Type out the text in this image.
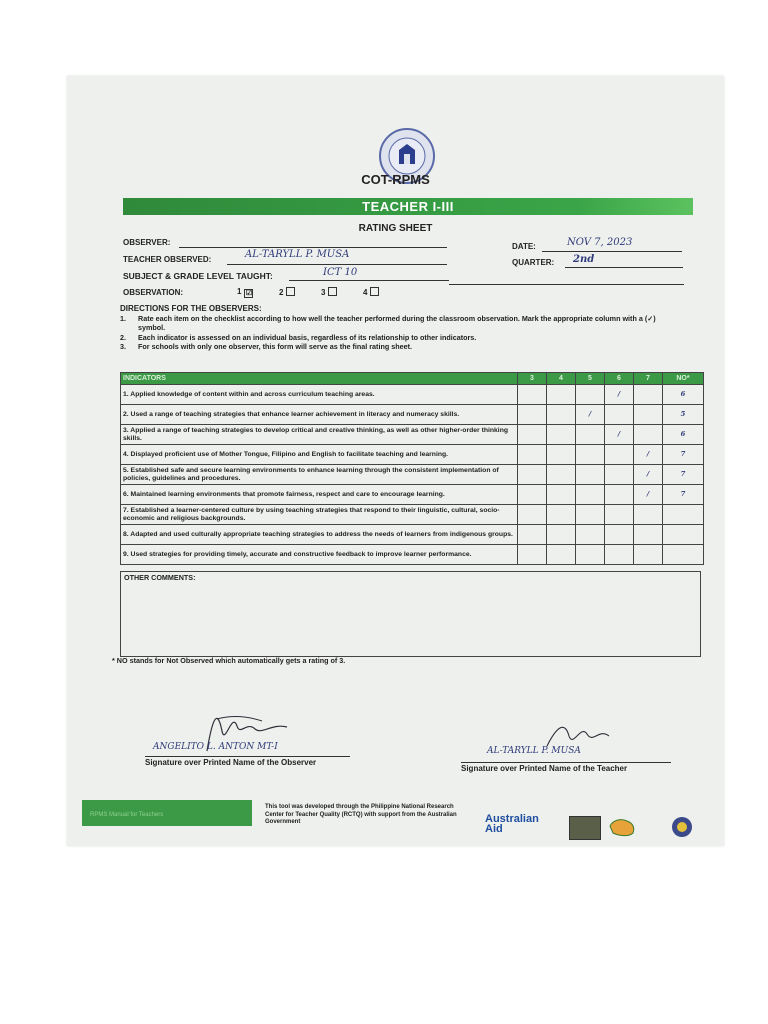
COT-RPMS
TEACHER I-III
RATING SHEET
OBSERVER:
TEACHER OBSERVED:	AL-TARYLL P. MUSA
SUBJECT & GRADE LEVEL TAUGHT:	ICT 10
DATE:	NOV 7, 2023
QUARTER: 2nd
OBSERVATION:	1 ☑	2	3	4
DIRECTIONS FOR THE OBSERVERS:
1.	Rate each item on the checklist according to how well the teacher performed during the classroom observation. Mark the appropriate column with a (✓) symbol.
2.	Each indicator is assessed on an individual basis, regardless of its relationship to other indicators.
3.	For schools with only one observer, this form will serve as the final rating sheet.
INDICATORS	3	4	5	6	7	NO*
1. Applied knowledge of content within and across curriculum teaching areas.				/		6
2. Used a range of teaching strategies that enhance learner achievement in literacy and numeracy skills.			/			5
3. Applied a range of teaching strategies to develop critical and creative thinking, as well as other higher-order thinking skills.				/		6
4. Displayed proficient use of Mother Tongue, Filipino and English to facilitate teaching and learning.					/	7
5. Established safe and secure learning environments to enhance learning through the consistent implementation of policies, guidelines and procedures.					/	7
6. Maintained learning environments that promote fairness, respect and care to encourage learning.					/	7
7. Established a learner-centered culture by using teaching strategies that respond to their linguistic, cultural, socio-economic and religious backgrounds.						
8. Adapted and used culturally appropriate teaching strategies to address the needs of learners from indigenous groups.						
9. Used strategies for providing timely, accurate and constructive feedback to improve learner performance.						
OTHER COMMENTS:
* NO stands for Not Observed which automatically gets a rating of 3.
ANGELITO L. ANTON MT-I
Signature over Printed Name of the Observer
AL-TARYLL P. MUSA
Signature over Printed Name of the Teacher
RPMS Manual for Teachers
This tool was developed through the Philippine National Research Center for Teacher Quality (RCTQ) with support from the Australian Government	Australian
Aid
